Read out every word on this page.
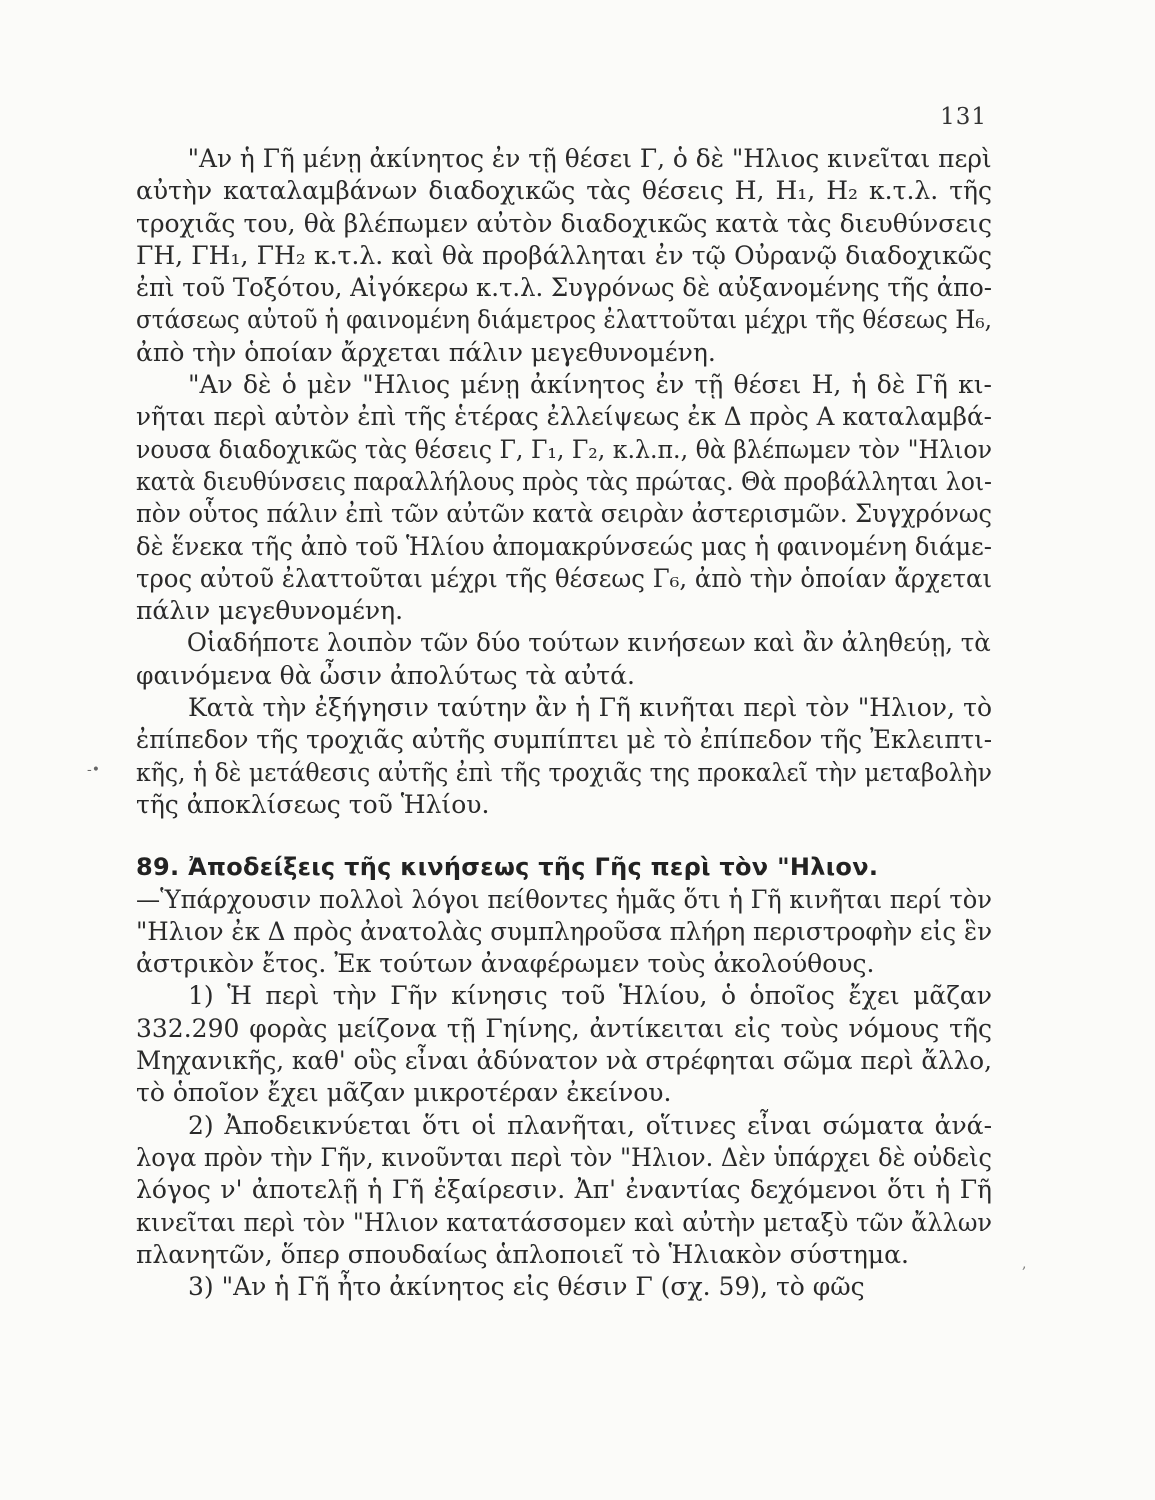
131
-•
,

"Αν ἡ Γῆ μένῃ ἀκίνητος ἐν τῇ θέσει Γ, ὁ δὲ "Ηλιος κινεῖται περὶ
αὐτὴν καταλαμβάνων διαδοχικῶς τὰς θέσεις Η, Η₁, Η₂ κ.τ.λ. τῆς
τροχιᾶς του, θὰ βλέπωμεν αὐτὸν διαδοχικῶς κατὰ τὰς διευθύνσεις
ΓΗ, ΓΗ₁, ΓΗ₂ κ.τ.λ. καὶ θὰ προβάλληται ἐν τῷ Οὐρανῷ διαδοχικῶς
ἐπὶ τοῦ Τοξότου, Αἰγόκερω κ.τ.λ. Συγρόνως δὲ αὐξανομένης τῆς ἀπο-
στάσεως αὐτοῦ ἡ φαινομένη διάμετρος ἐλαττοῦται μέχρι τῆς θέσεως Η₆,
ἀπὸ τὴν ὁποίαν ἄρχεται πάλιν μεγεθυνομένη.

"Αν δὲ ὁ μὲν "Ηλιος μένῃ ἀκίνητος ἐν τῇ θέσει Η, ἡ δὲ Γῆ κι-
νῆται περὶ αὐτὸν ἐπὶ τῆς ἑτέρας ἐλλείψεως ἐκ Δ πρὸς Α καταλαμβά-
νουσα διαδοχικῶς τὰς θέσεις Γ, Γ₁, Γ₂, κ.λ.π., θὰ βλέπωμεν τὸν "Ηλιον
κατὰ διευθύνσεις παραλλήλους πρὸς τὰς πρώτας. Θὰ προβάλληται λοι-
πὸν οὗτος πάλιν ἐπὶ τῶν αὐτῶν κατὰ σειρὰν ἀστερισμῶν. Συγχρόνως
δὲ ἕνεκα τῆς ἀπὸ τοῦ Ἡλίου ἀπομακρύνσεώς μας ἡ φαινομένη διάμε-
τρος αὐτοῦ ἐλαττοῦται μέχρι τῆς θέσεως Γ₆, ἀπὸ τὴν ὁποίαν ἄρχεται
πάλιν μεγεθυνομένη.

Οἱαδήποτε λοιπὸν τῶν δύο τούτων κινήσεων καὶ ἂν ἀληθεύῃ, τὰ
φαινόμενα θὰ ὦσιν ἀπολύτως τὰ αὐτά.

Κατὰ τὴν ἐξήγησιν ταύτην ἂν ἡ Γῆ κινῆται περὶ τὸν "Ηλιον, τὸ
ἐπίπεδον τῆς τροχιᾶς αὐτῆς συμπίπτει μὲ τὸ ἐπίπεδον τῆς Ἐκλειπτι-
κῆς, ἡ δὲ μετάθεσις αὐτῆς ἐπὶ τῆς τροχιᾶς της προκαλεῖ τὴν μεταβολὴν
τῆς ἀποκλίσεως τοῦ Ἡλίου.

89. Ἀποδείξεις τῆς κινήσεως τῆς Γῆς περὶ τὸν "Ηλιον.
—Ὑπάρχουσιν πολλοὶ λόγοι πείθοντες ἡμᾶς ὅτι ἡ Γῆ κινῆται περί τὸν
"Ηλιον ἐκ Δ πρὸς ἀνατολὰς συμπληροῦσα πλήρη περιστροφὴν εἰς ἓν
ἀστρικὸν ἔτος. Ἐκ τούτων ἀναφέρωμεν τοὺς ἀκολούθους.

1) Ἡ περὶ τὴν Γῆν κίνησις τοῦ Ἡλίου, ὁ ὁποῖος ἔχει μᾶζαν
332.290 φορὰς μείζονα τῇ Γηίνης, ἀντίκειται εἰς τοὺς νόμους τῆς
Μηχανικῆς, καθ' οὓς εἶναι ἀδύνατον νὰ στρέφηται σῶμα περὶ ἄλλο,
τὸ ὁποῖον ἔχει μᾶζαν μικροτέραν ἐκείνου.

2) Ἀποδεικνύεται ὅτι οἱ πλανῆται, οἵτινες εἶναι σώματα ἀνά-
λογα πρὸν τὴν Γῆν, κινοῦνται περὶ τὸν "Ηλιον. Δὲν ὑπάρχει δὲ οὐδεὶς
λόγος ν' ἀποτελῇ ἡ Γῆ ἐξαίρεσιν. Ἀπ' ἐναντίας δεχόμενοι ὅτι ἡ Γῆ
κινεῖται περὶ τὸν "Ηλιον κατατάσσομεν καὶ αὐτὴν μεταξὺ τῶν ἄλλων
πλανητῶν, ὅπερ σπουδαίως ἁπλοποιεῖ τὸ Ἡλιακὸν σύστημα.

3) "Αν ἡ Γῆ ἦτο ἀκίνητος εἰς θέσιν Γ (σχ. 59), τὸ φῶς
